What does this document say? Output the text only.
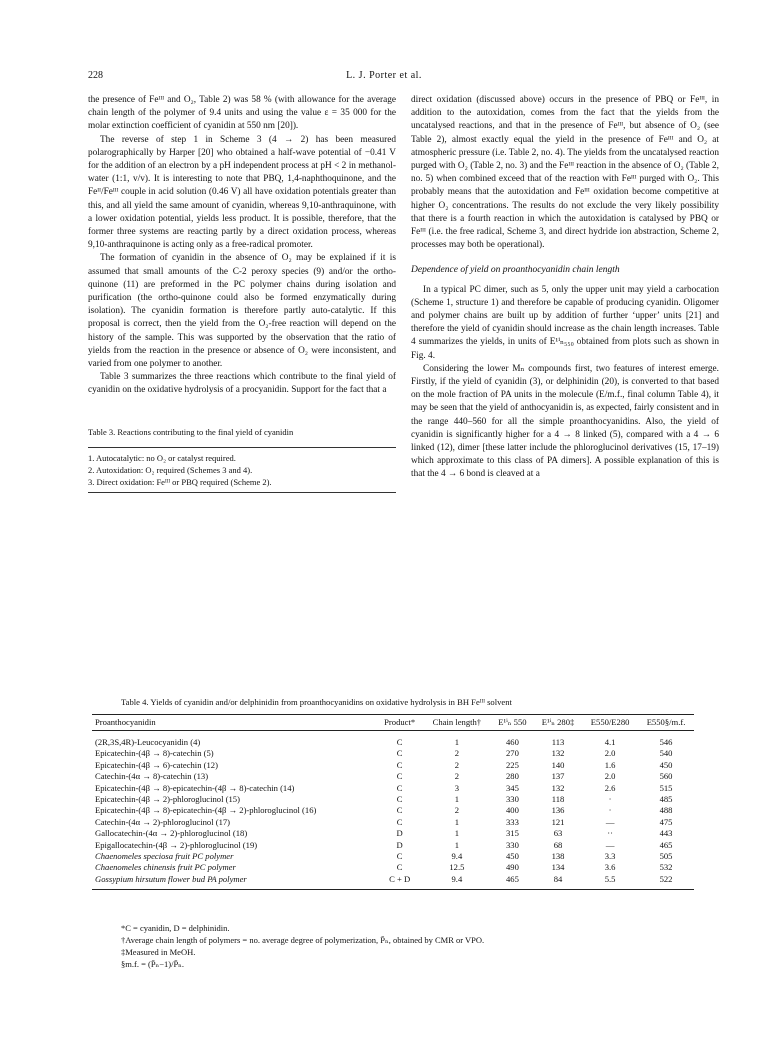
228	L. J. Porter et al.

the presence of Feᴵᴵᴵ and O₂, Table 2) was 58 % (with allowance for the average chain length of the polymer of 9.4 units and using the value ε = 35 000 for the molar extinction coefficient of cyanidin at 550 nm [20]).

The reverse of step 1 in Scheme 3 (4 → 2) has been measured polarographically by Harper [20] who obtained a half-wave potential of −0.41 V for the addition of an electron by a pH independent process at pH < 2 in methanol-water (1:1, v/v). It is interesting to note that PBQ, 1,4-naphthoquinone, and the Feᴵᴵ/Feᴵᴵᴵ couple in acid solution (0.46 V) all have oxidation potentials greater than this, and all yield the same amount of cyanidin, whereas 9,10-anthraquinone, with a lower oxidation potential, yields less product. It is possible, therefore, that the former three systems are reacting partly by a direct oxidation process, whereas 9,10-anthraquinone is acting only as a free-radical promoter.

The formation of cyanidin in the absence of O₂ may be explained if it is assumed that small amounts of the C-2 peroxy species (9) and/or the ortho-quinone (11) are preformed in the PC polymer chains during isolation and purification (the ortho-quinone could also be formed enzymatically during isolation). The cyanidin formation is therefore partly auto-catalytic. If this proposal is correct, then the yield from the O₂-free reaction will depend on the history of the sample. This was supported by the observation that the ratio of yields from the reaction in the presence or absence of O₂ were inconsistent, and varied from one polymer to another.

Table 3 summarizes the three reactions which contribute to the final yield of cyanidin on the oxidative hydrolysis of a procyanidin. Support for the fact that a

Table 3. Reactions contributing to the final yield of cyanidin
1. Autocatalytic: no O₂ or catalyst required.
2. Autoxidation: O₂ required (Schemes 3 and 4).
3. Direct oxidation: Feᴵᴵᴵ or PBQ required (Scheme 2).

direct oxidation (discussed above) occurs in the presence of PBQ or Feᴵᴵᴵ, in addition to the autoxidation, comes from the fact that the yields from the uncatalysed reactions, and that in the presence of Feᴵᴵᴵ, but absence of O₂ (see Table 2), almost exactly equal the yield in the presence of Feᴵᴵᴵ and O₂ at atmospheric pressure (i.e. Table 2, no. 4). The yields from the uncatalysed reaction purged with O₂ (Table 2, no. 3) and the Feᴵᴵᴵ reaction in the absence of O₂ (Table 2, no. 5) when combined exceed that of the reaction with Feᴵᴵᴵ purged with O₂. This probably means that the autoxidation and Feᴵᴵᴵ oxidation become competitive at higher O₂ concentrations. The results do not exclude the very likely possibility that there is a fourth reaction in which the autoxidation is catalysed by PBQ or Feᴵᴵᴵ (i.e. the free radical, Scheme 3, and direct hydride ion abstraction, Scheme 2, processes may both be operational).

Dependence of yield on proanthocyanidin chain length

In a typical PC dimer, such as 5, only the upper unit may yield a carbocation (Scheme 1, structure 1) and therefore be capable of producing cyanidin. Oligomer and polymer chains are built up by addition of further ‘upper’ units [21] and therefore the yield of cyanidin should increase as the chain length increases. Table 4 summarizes the yields, in units of E¹ⁱₙ₅₅₀ obtained from plots such as shown in Fig. 4.

Considering the lower Mₙ compounds first, two features of interest emerge. Firstly, if the yield of cyanidin (3), or delphinidin (20), is converted to that based on the mole fraction of PA units in the molecule (E/m.f., final column Table 4), it may be seen that the yield of anthocyanidin is, as expected, fairly consistent and in the range 440–560 for all the simple proanthocyanidins. Also, the yield of cyanidin is significantly higher for a 4 → 8 linked (5), compared with a 4 → 6 linked (12), dimer [these latter include the phloroglucinol derivatives (15, 17–19) which approximate to this class of PA dimers]. A possible explanation of this is that the 4 → 6 bond is cleaved at a

Table 4. Yields of cyanidin and/or delphinidin from proanthocyanidins on oxidative hydrolysis in BH Feᴵᴵᴵ solvent
Proanthocyanidin	Product*	Chain length†	E¹ⁱₙ 550	E¹ⁱₙ 280‡	E550/E280	E550§/m.f.
(2R,3S,4R)-Leucocyanidin (4)	C	1	460	113	4.1	546
Epicatechin-(4β → 8)-catechin (5)	C	2	270	132	2.0	540
Epicatechin-(4β → 6)-catechin (12)	C	2	225	140	1.6	450
Catechin-(4α → 8)-catechin (13)	C	2	280	137	2.0	560
Epicatechin-(4β → 8)-epicatechin-(4β → 8)-catechin (14)	C	3	345	132	2.6	515
Epicatechin-(4β → 2)-phloroglucinol (15)	C	1	330	118	·	485
Epicatechin-(4β → 8)-epicatechin-(4β → 2)-phloroglucinol (16)	C	2	400	136	·	488
Catechin-(4α → 2)-phloroglucinol (17)	C	1	333	121	—	475
Gallocatechin-(4α → 2)-phloroglucinol (18)	D	1	315	63	··	443
Epigallocatechin-(4β → 2)-phloroglucinol (19)	D	1	330	68	—	465
Chaenomeles speciosa fruit PC polymer	C	9.4	450	138	3.3	505
Chaenomeles chinensis fruit PC polymer	C	12.5	490	134	3.6	532
Gossypium hirsutum flower bud PA polymer	C + D	9.4	465	84	5.5	522
*C = cyanidin, D = delphinidin.
†Average chain length of polymers = no. average degree of polymerization, P̄ₙ, obtained by CMR or VPO.
‡Measured in MeOH.
§m.f. = (P̄ₙ−1)/P̄ₙ.
